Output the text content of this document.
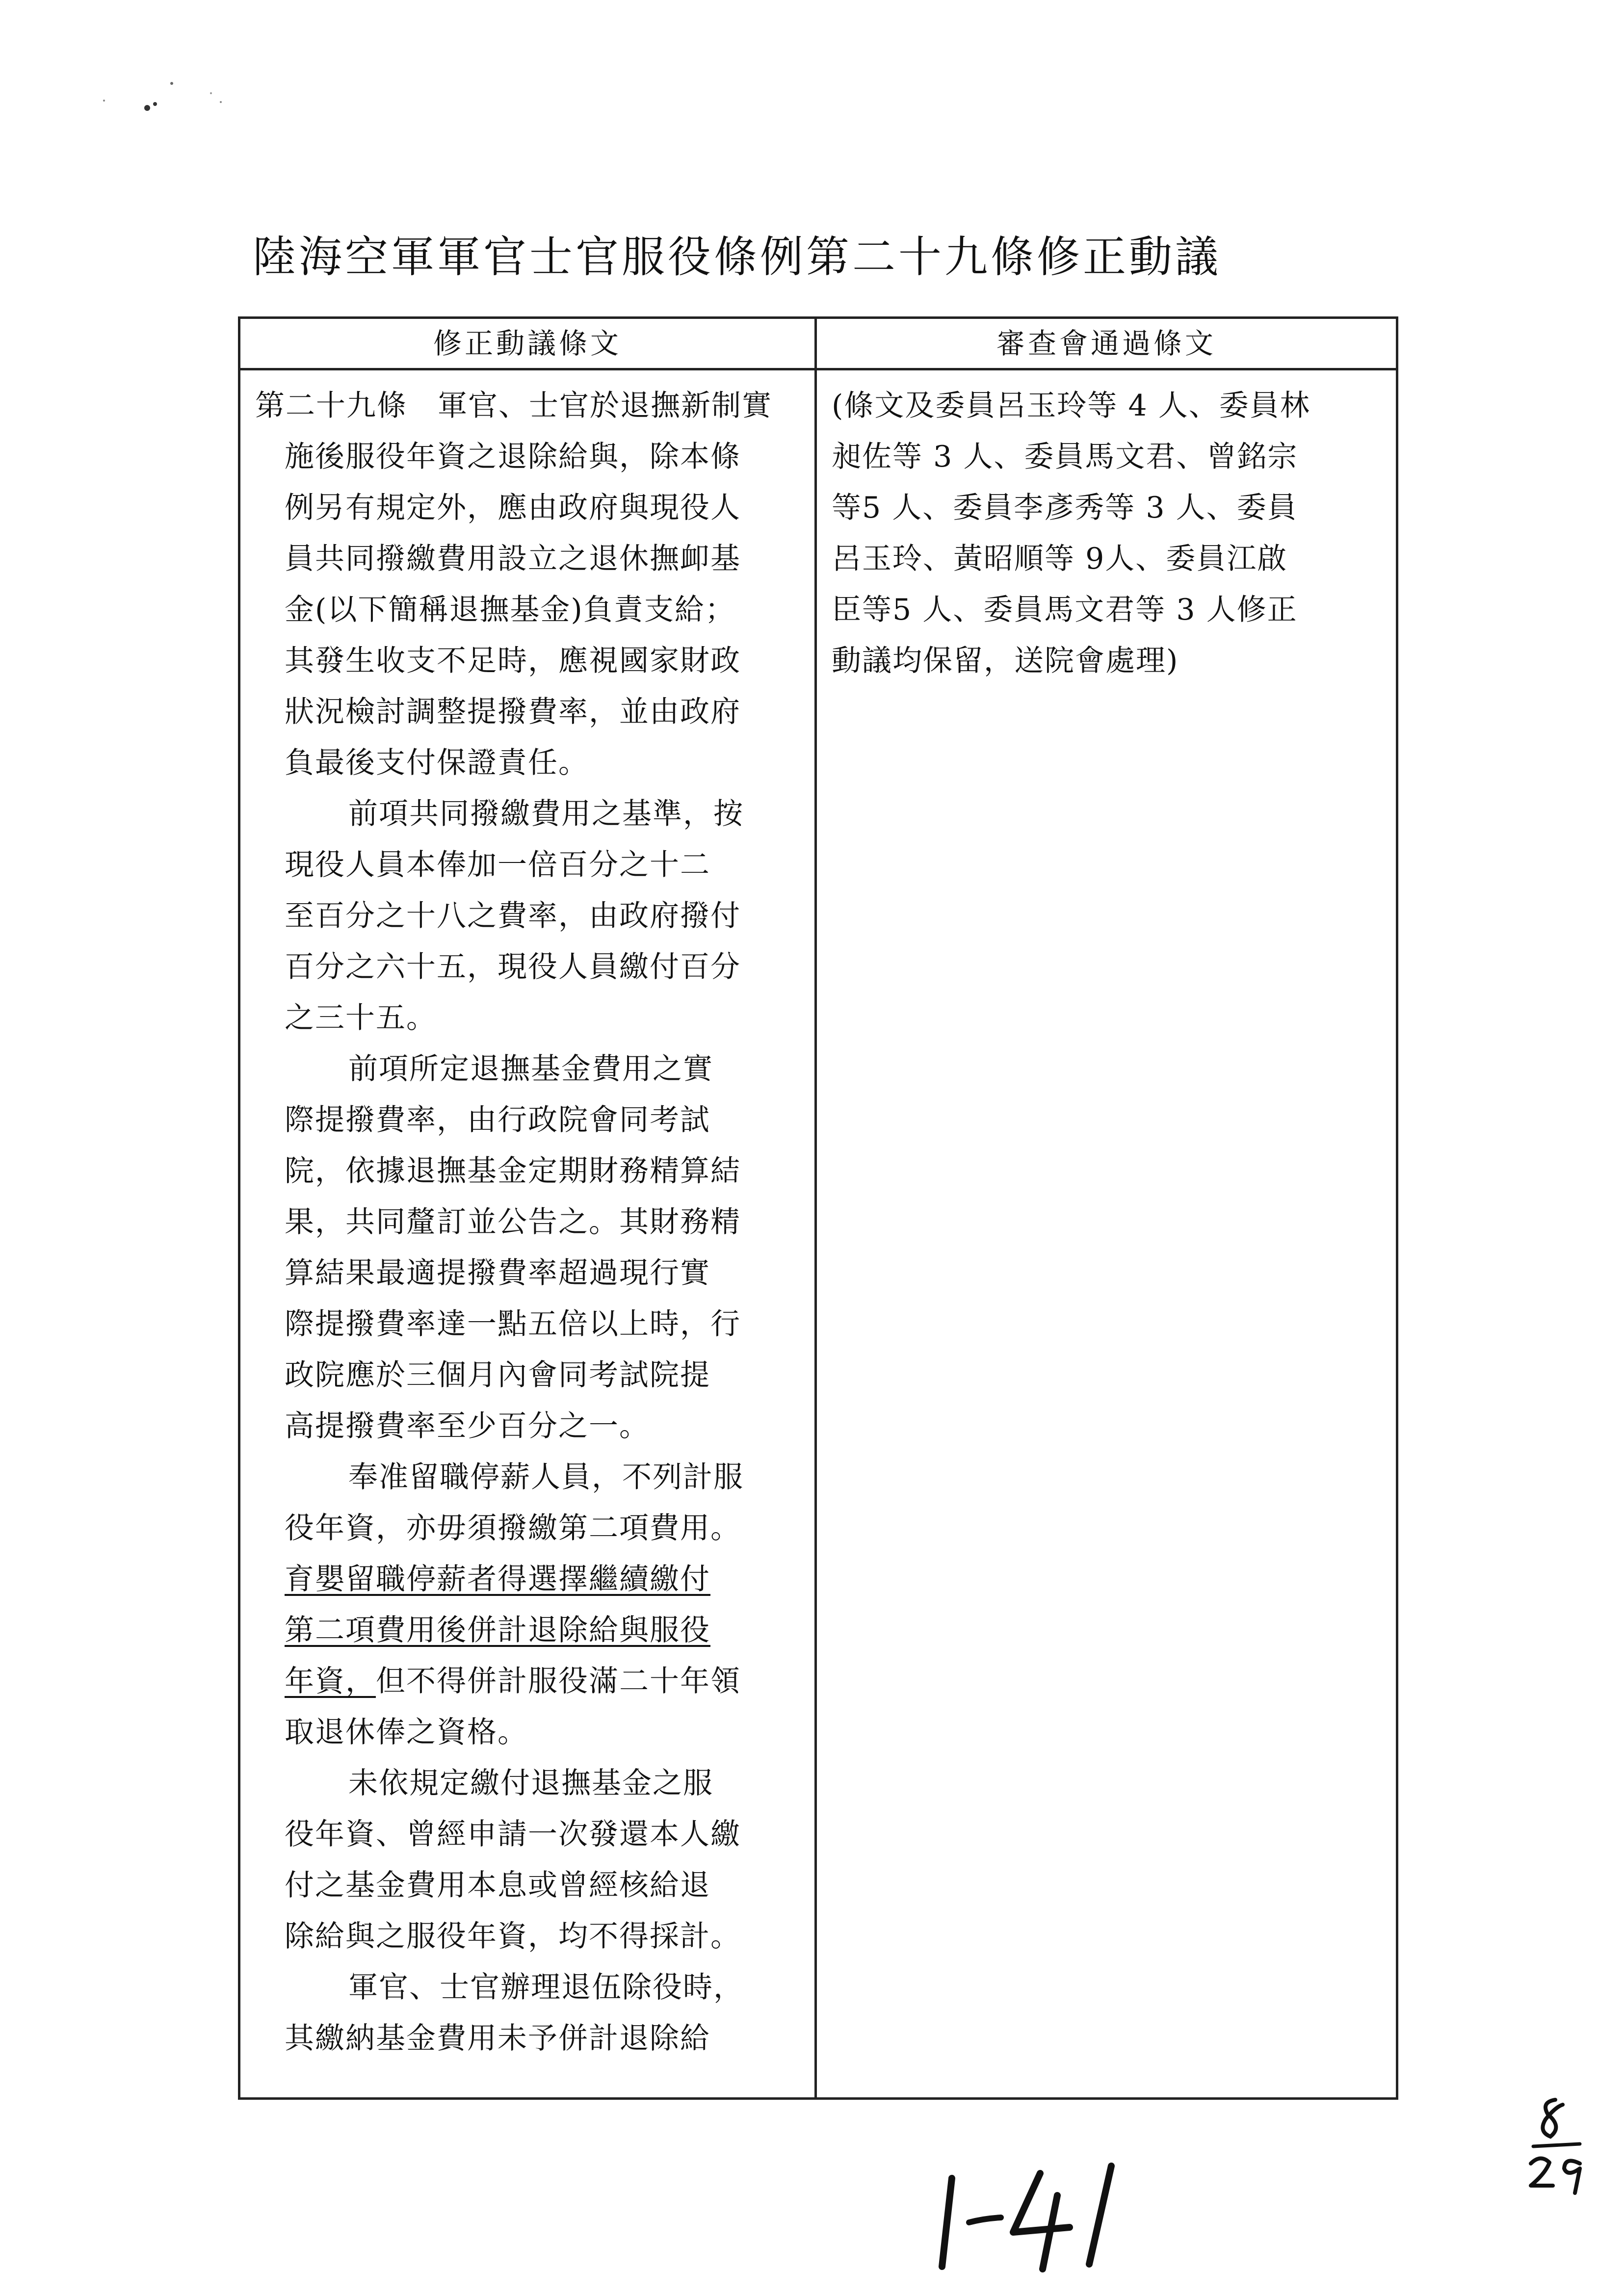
陸海空軍軍官士官服役條例第二十九條修正動議
修正動議條文	審查會通過條文
第二十九條　軍官、士官於退撫新制實
施後服役年資之退除給與，除本條
例另有規定外，應由政府與現役人
員共同撥繳費用設立之退休撫卹基
金(以下簡稱退撫基金)負責支給；
其發生收支不足時，應視國家財政
狀況檢討調整提撥費率，並由政府
負最後支付保證責任。
前項共同撥繳費用之基準，按
現役人員本俸加一倍百分之十二
至百分之十八之費率，由政府撥付
百分之六十五，現役人員繳付百分
之三十五。
前項所定退撫基金費用之實
際提撥費率，由行政院會同考試
院，依據退撫基金定期財務精算結
果，共同釐訂並公告之。其財務精
算結果最適提撥費率超過現行實
際提撥費率達一點五倍以上時，行
政院應於三個月內會同考試院提
高提撥費率至少百分之一。
奉准留職停薪人員，不列計服
役年資，亦毋須撥繳第二項費用。
育嬰留職停薪者得選擇繼續繳付
第二項費用後併計退除給與服役
年資，但不得併計服役滿二十年領
取退休俸之資格。
未依規定繳付退撫基金之服
役年資、曾經申請一次發還本人繳
付之基金費用本息或曾經核給退
除給與之服役年資，均不得採計。
軍官、士官辦理退伍除役時，
其繳納基金費用未予併計退除給
(條文及委員呂玉玲等 4 人、委員林
昶佐等 3 人、委員馬文君、曾銘宗
等5 人、委員李彥秀等 3 人、委員
呂玉玲、黃昭順等 9人、委員江啟
臣等5 人、委員馬文君等 3 人修正
動議均保留，送院會處理)
